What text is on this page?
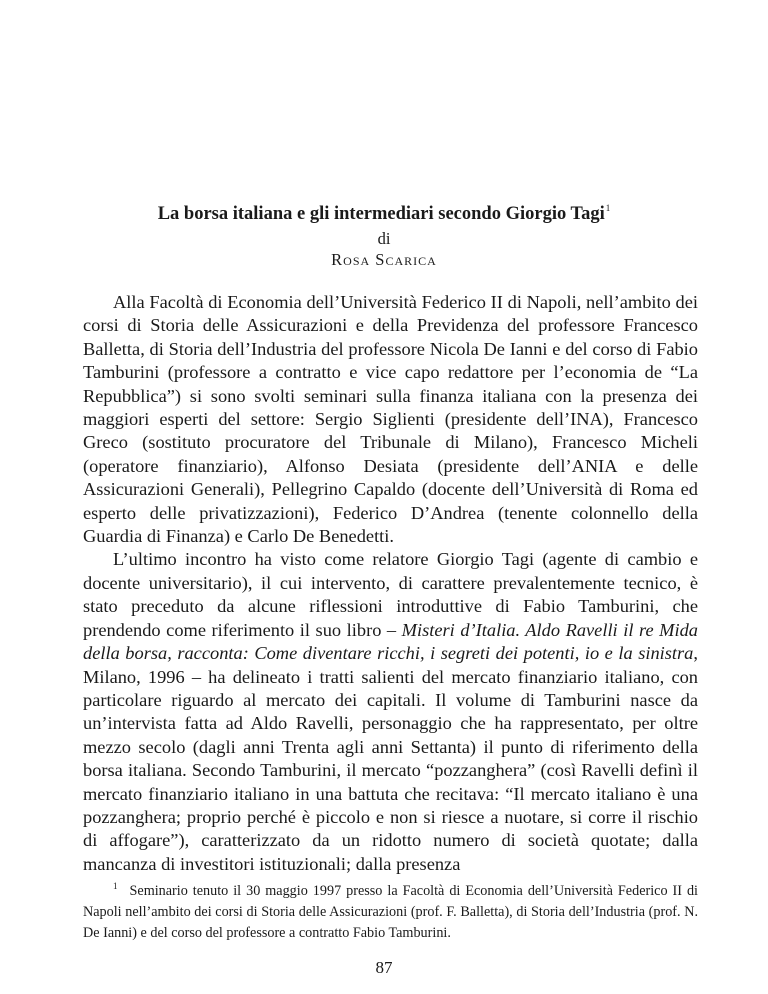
La borsa italiana e gli intermediari secondo Giorgio Tagi$^1$
di
Rosa Scarica

Alla Facoltà di Economia dell’Università Federico II di Napoli, nell’ambito dei corsi di Storia delle Assicurazioni e della Previdenza del professore Francesco Balletta, di Storia dell’Industria del professore Nicola De Ianni e del corso di Fabio Tamburini (professore a contratto e vice capo redattore per l’economia de “La Repubblica”) si sono svolti seminari sulla finanza italiana con la presenza dei maggiori esperti del settore: Sergio Siglienti (presidente dell’INA), Francesco Greco (sostituto procuratore del Tribunale di Milano), Francesco Micheli (operatore finanziario), Alfonso Desiata (presidente dell’ANIA e delle Assicurazioni Generali), Pellegrino Capaldo (docente dell’Università di Roma ed esperto delle privatizzazioni), Federico D’Andrea (tenente colonnello della Guardia di Finanza) e Carlo De Benedetti.

L’ultimo incontro ha visto come relatore Giorgio Tagi (agente di cambio e docente universitario), il cui intervento, di carattere prevalentemente tecnico, è stato preceduto da alcune riflessioni introduttive di Fabio Tamburini, che prendendo come riferimento il suo libro – Misteri d’Italia. Aldo Ravelli il re Mida della borsa, racconta: Come diventare ricchi, i segreti dei potenti, io e la sinistra, Milano, 1996 – ha delineato i tratti salienti del mercato finanziario italiano, con particolare riguardo al mercato dei capitali. Il volume di Tamburini nasce da un’intervista fatta ad Aldo Ravelli, personaggio che ha rappresentato, per oltre mezzo secolo (dagli anni Trenta agli anni Settanta) il punto di riferimento della borsa italiana. Secondo Tamburini, il mercato “pozzanghera” (così Ravelli definì il mercato finanziario italiano in una battuta che recitava: “Il mercato italiano è una pozzanghera; proprio perché è piccolo e non si riesce a nuotare, si corre il rischio di affogare”), caratterizzato da un ridotto numero di società quotate; dalla mancanza di investitori istituzionali; dalla presenza

$^1$ Seminario tenuto il 30 maggio 1997 presso la Facoltà di Economia dell’Università Federico II di Napoli nell’ambito dei corsi di Storia delle Assicurazioni (prof. F. Balletta), di Storia dell’Industria (prof. N. De Ianni) e del corso del professore a contratto Fabio Tamburini.
87
